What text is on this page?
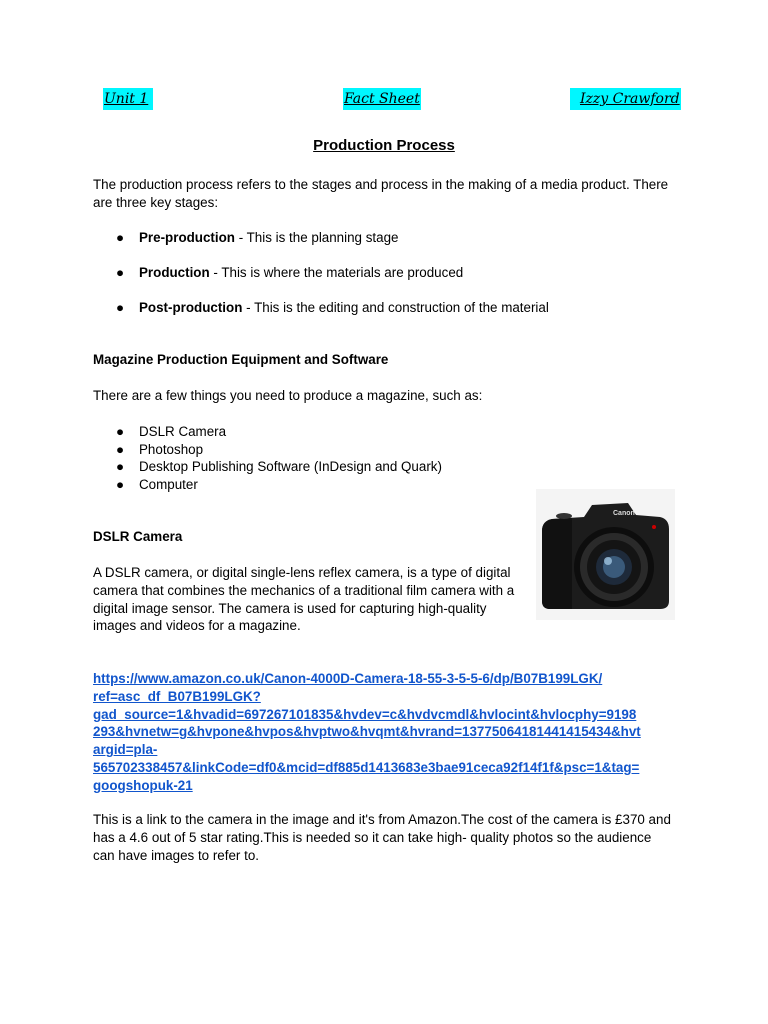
Unit 1	Fact Sheet	Izzy Crawford
Production Process
The production process refers to the stages and process in the making of a media product. There are three key stages:
● Pre-production - This is the planning stage
● Production - This is where the materials are produced
● Post-production - This is the editing and construction of the material
Magazine Production Equipment and Software
There are a few things you need to produce a magazine, such as:
● DSLR Camera
● Photoshop
● Desktop Publishing Software (InDesign and Quark)
● Computer
DSLR Camera
A DSLR camera, or digital single-lens reflex camera, is a type of digital camera that combines the mechanics of a traditional film camera with a digital image sensor. The camera is used for capturing high-quality images and videos for a magazine.
Canon
https://www.amazon.co.uk/Canon-4000D-Camera-18-55-3-5-5-6/dp/B07B199LGK/
ref=asc_df_B07B199LGK?
gad_source=1&hvadid=697267101835&hvdev=c&hvdvcmdl&hvlocint&hvlocphy=9198
293&hvnetw=g&hvpone&hvpos&hvptwo&hvqmt&hvrand=13775064181441415434&hvt
argid=pla-
565702338457&linkCode=df0&mcid=df885d1413683e3bae91ceca92f14f1f&psc=1&tag=
googshopuk-21
This is a link to the camera in the image and it's from Amazon.The cost of the camera is £370 and has a 4.6 out of 5 star rating.This is needed so it can take high- quality photos so the audience can have images to refer to.
